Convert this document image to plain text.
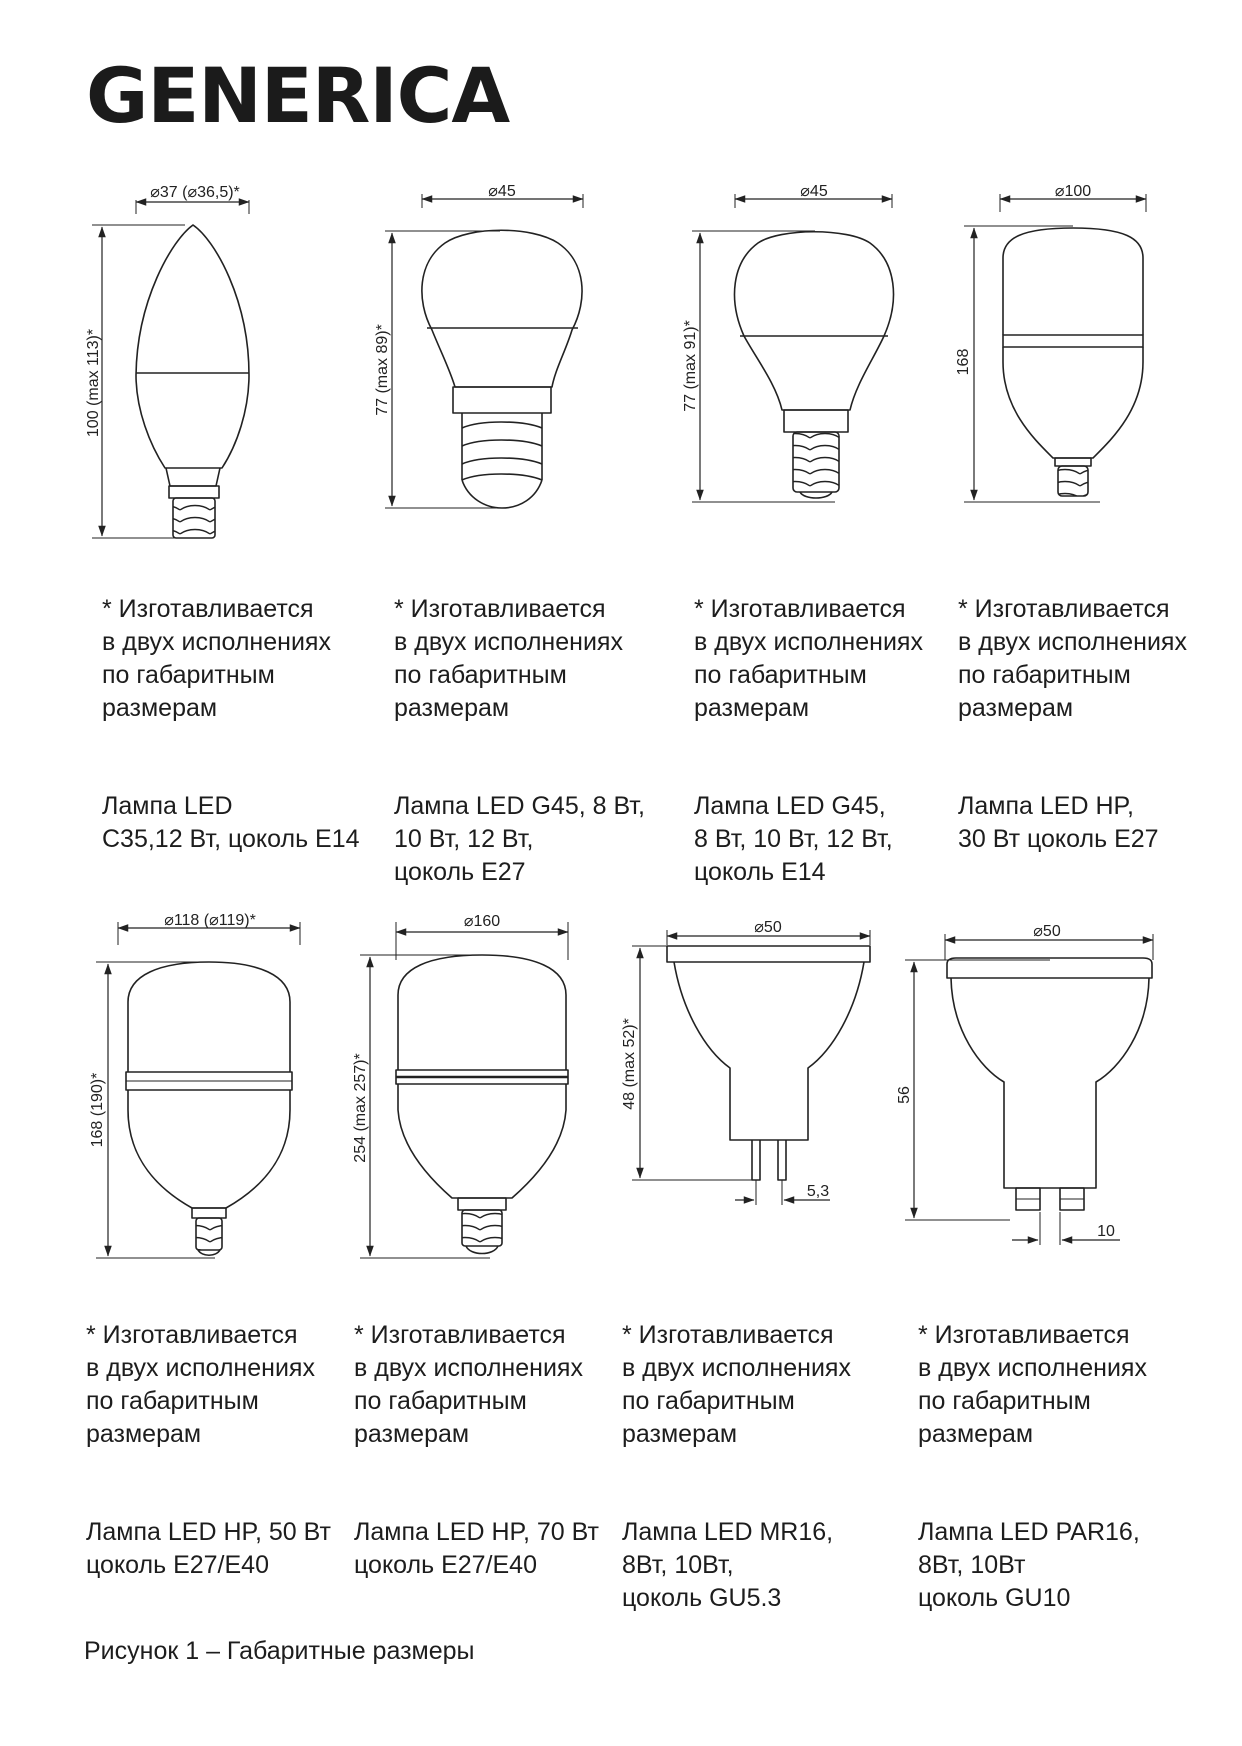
GENERICA
⌀37 (⌀36,5)*
100 (max 113)*
⌀45
77 (max 89)*
⌀45
77 (max 91)*
⌀100
168
⌀118 (⌀119)*
168 (190)*
⌀160
254 (max 257)*
⌀50
48 (max 52)*
5,3
⌀50
56
10

* Изготавливается
в двух исполнениях
по габаритным
размерам

Лампа LED
C35,12 Вт, цоколь E14

* Изготавливается
в двух исполнениях
по габаритным
размерам

Лампа LED G45, 8 Вт,
10 Вт, 12 Вт,
цоколь E27

* Изготавливается
в двух исполнениях
по габаритным
размерам

Лампа LED G45,
8 Вт, 10 Вт, 12 Вт,
цоколь E14

* Изготавливается
в двух исполнениях
по габаритным
размерам

Лампа LED HP,
30 Вт цоколь E27

* Изготавливается
в двух исполнениях
по габаритным
размерам

Лампа LED HP, 50 Вт
цоколь E27/E40

* Изготавливается
в двух исполнениях
по габаритным
размерам

Лампа LED HP, 70 Вт
цоколь E27/E40

* Изготавливается
в двух исполнениях
по габаритным
размерам

Лампа LED MR16,
8Вт, 10Вт,
цоколь GU5.3

* Изготавливается
в двух исполнениях
по габаритным
размерам

Лампа LED PAR16,
8Вт, 10Вт
цоколь GU10

Рисунок 1 – Габаритные размеры
